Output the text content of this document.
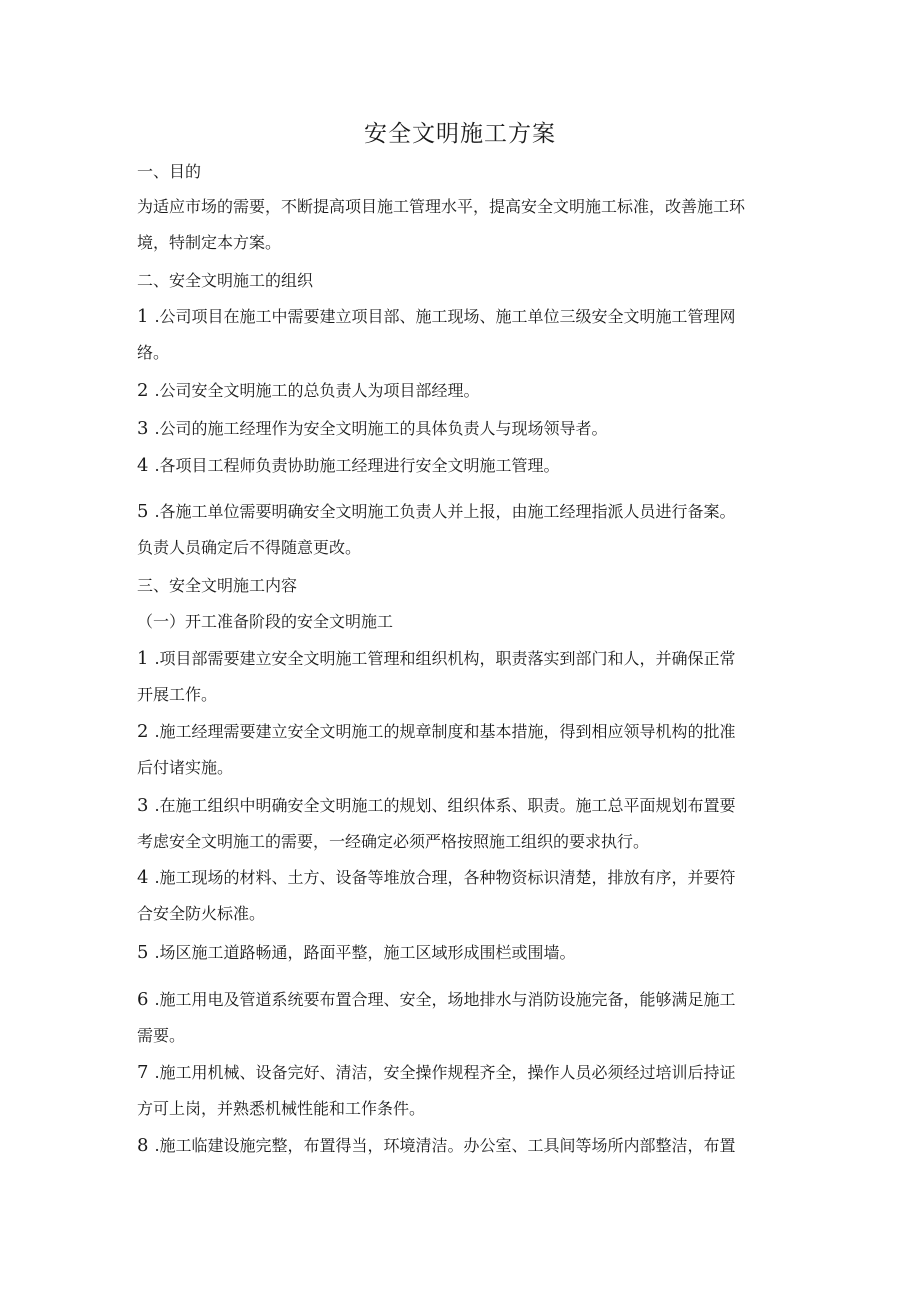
安全文明施工方案
一、目的
为适应市场的需要，不断提高项目施工管理水平，提高安全文明施工标准，改善施工环
境，特制定本方案。
二、安全文明施工的组织
1 .公司项目在施工中需要建立项目部、施工现场、施工单位三级安全文明施工管理网
络。
2 .公司安全文明施工的总负责人为项目部经理。
3 .公司的施工经理作为安全文明施工的具体负责人与现场领导者。
4 .各项目工程师负责协助施工经理进行安全文明施工管理。
5 .各施工单位需要明确安全文明施工负责人并上报，由施工经理指派人员进行备案。
负责人员确定后不得随意更改。
三、安全文明施工内容
（一）开工准备阶段的安全文明施工
1 .项目部需要建立安全文明施工管理和组织机构，职责落实到部门和人，并确保正常
开展工作。
2 .施工经理需要建立安全文明施工的规章制度和基本措施，得到相应领导机构的批准
后付诸实施。
3 .在施工组织中明确安全文明施工的规划、组织体系、职责。施工总平面规划布置要
考虑安全文明施工的需要，一经确定必须严格按照施工组织的要求执行。
4 .施工现场的材料、土方、设备等堆放合理，各种物资标识清楚，排放有序，并要符
合安全防火标准。
5 .场区施工道路畅通，路面平整，施工区域形成围栏或围墙。
6 .施工用电及管道系统要布置合理、安全，场地排水与消防设施完备，能够满足施工
需要。
7 .施工用机械、设备完好、清洁，安全操作规程齐全，操作人员必须经过培训后持证
方可上岗，并熟悉机械性能和工作条件。
8 .施工临建设施完整，布置得当，环境清洁。办公室、工具间等场所内部整洁，布置
